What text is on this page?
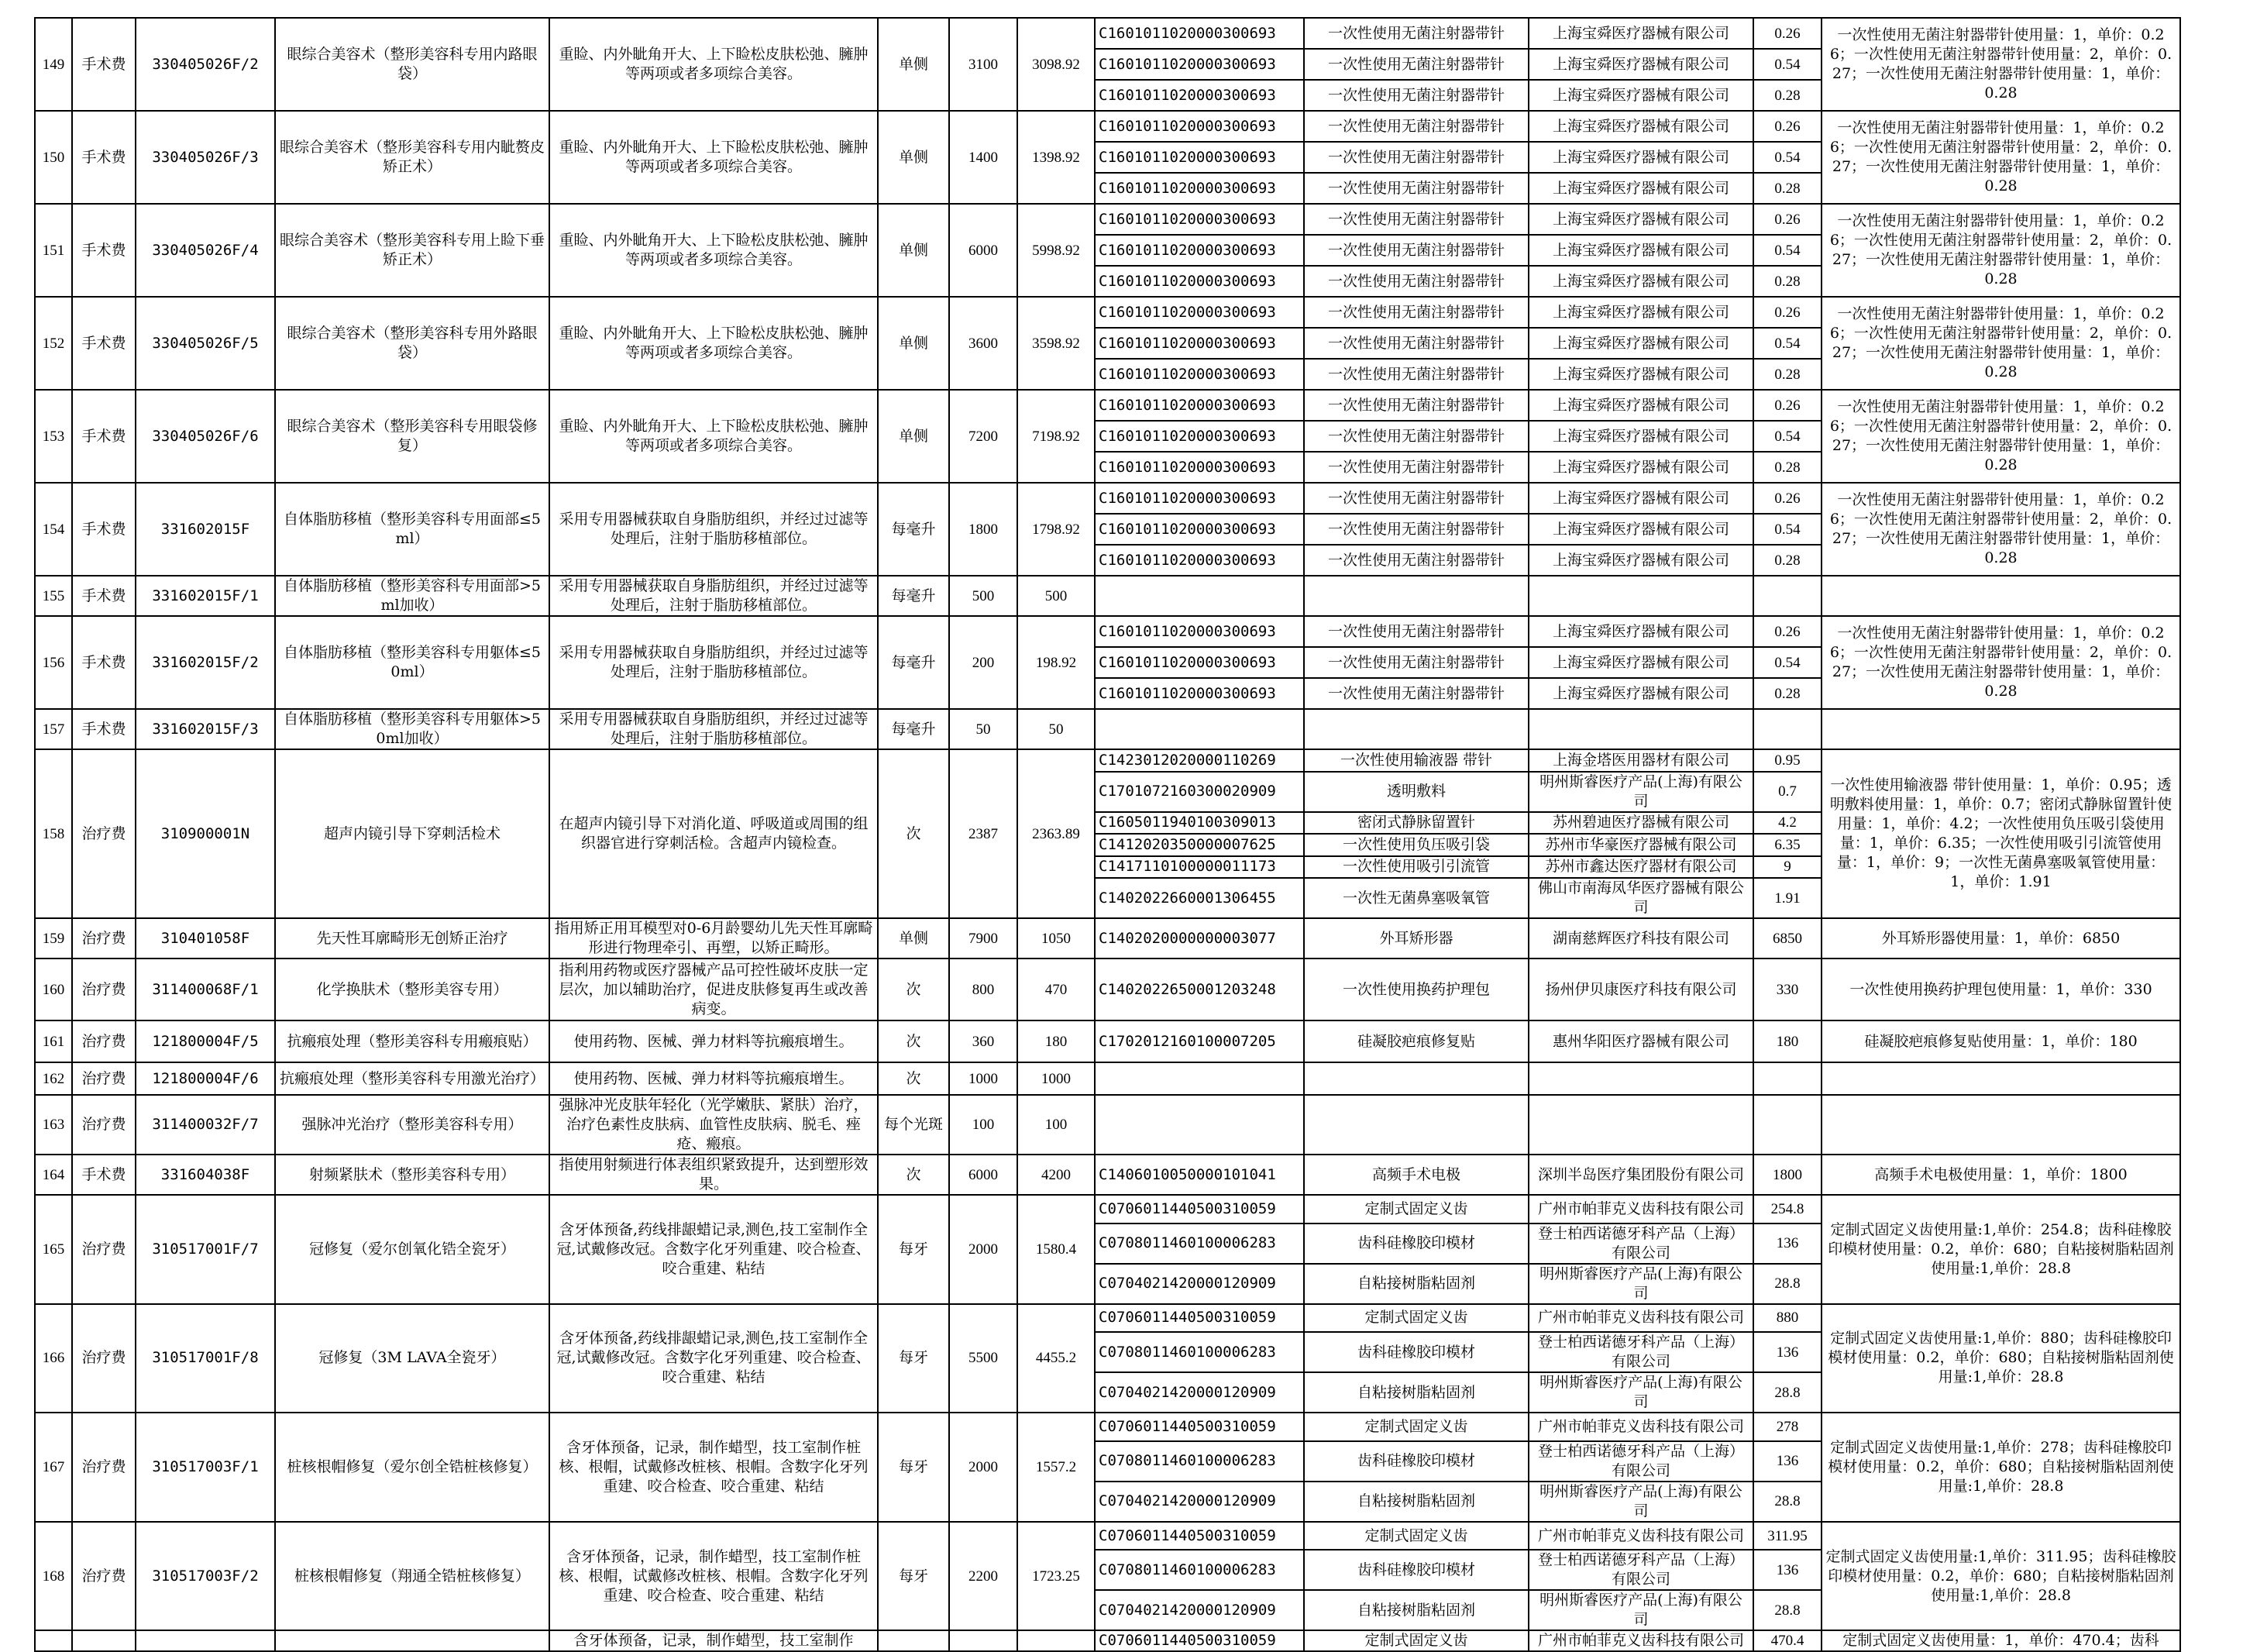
149	手术费	330405026F/2	眼综合美容术（整形美容科专用内路眼袋）	重睑、内外眦角开大、上下睑松皮肤松弛、臃肿等两项或者多项综合美容。	单侧	3100	3098.92	C1601011020000300693	一次性使用无菌注射器带针	上海宝舜医疗器械有限公司	0.26	一次性使用无菌注射器带针使用量：1，单价：0.26；一次性使用无菌注射器带针使用量：2，单价：0.27；一次性使用无菌注射器带针使用量：1，单价：0.28
								C1601011020000300693	一次性使用无菌注射器带针	上海宝舜医疗器械有限公司	0.54	
								C1601011020000300693	一次性使用无菌注射器带针	上海宝舜医疗器械有限公司	0.28	
150	手术费	330405026F/3	眼综合美容术（整形美容科专用内眦赘皮矫正术）	重睑、内外眦角开大、上下睑松皮肤松弛、臃肿等两项或者多项综合美容。	单侧	1400	1398.92	C1601011020000300693	一次性使用无菌注射器带针	上海宝舜医疗器械有限公司	0.26	一次性使用无菌注射器带针使用量：1，单价：0.26；一次性使用无菌注射器带针使用量：2，单价：0.27；一次性使用无菌注射器带针使用量：1，单价：0.28
								C1601011020000300693	一次性使用无菌注射器带针	上海宝舜医疗器械有限公司	0.54	
								C1601011020000300693	一次性使用无菌注射器带针	上海宝舜医疗器械有限公司	0.28	
151	手术费	330405026F/4	眼综合美容术（整形美容科专用上睑下垂矫正术）	重睑、内外眦角开大、上下睑松皮肤松弛、臃肿等两项或者多项综合美容。	单侧	6000	5998.92	C1601011020000300693	一次性使用无菌注射器带针	上海宝舜医疗器械有限公司	0.26	一次性使用无菌注射器带针使用量：1，单价：0.26；一次性使用无菌注射器带针使用量：2，单价：0.27；一次性使用无菌注射器带针使用量：1，单价：0.28
								C1601011020000300693	一次性使用无菌注射器带针	上海宝舜医疗器械有限公司	0.54	
								C1601011020000300693	一次性使用无菌注射器带针	上海宝舜医疗器械有限公司	0.28	
152	手术费	330405026F/5	眼综合美容术（整形美容科专用外路眼袋）	重睑、内外眦角开大、上下睑松皮肤松弛、臃肿等两项或者多项综合美容。	单侧	3600	3598.92	C1601011020000300693	一次性使用无菌注射器带针	上海宝舜医疗器械有限公司	0.26	一次性使用无菌注射器带针使用量：1，单价：0.26；一次性使用无菌注射器带针使用量：2，单价：0.27；一次性使用无菌注射器带针使用量：1，单价：0.28
								C1601011020000300693	一次性使用无菌注射器带针	上海宝舜医疗器械有限公司	0.54	
								C1601011020000300693	一次性使用无菌注射器带针	上海宝舜医疗器械有限公司	0.28	
153	手术费	330405026F/6	眼综合美容术（整形美容科专用眼袋修复）	重睑、内外眦角开大、上下睑松皮肤松弛、臃肿等两项或者多项综合美容。	单侧	7200	7198.92	C1601011020000300693	一次性使用无菌注射器带针	上海宝舜医疗器械有限公司	0.26	一次性使用无菌注射器带针使用量：1，单价：0.26；一次性使用无菌注射器带针使用量：2，单价：0.27；一次性使用无菌注射器带针使用量：1，单价：0.28
								C1601011020000300693	一次性使用无菌注射器带针	上海宝舜医疗器械有限公司	0.54	
								C1601011020000300693	一次性使用无菌注射器带针	上海宝舜医疗器械有限公司	0.28	
154	手术费	331602015F	自体脂肪移植（整形美容科专用面部≤5ml）	采用专用器械获取自身脂肪组织，并经过过滤等处理后，注射于脂肪移植部位。	每毫升	1800	1798.92	C1601011020000300693	一次性使用无菌注射器带针	上海宝舜医疗器械有限公司	0.26	一次性使用无菌注射器带针使用量：1，单价：0.26；一次性使用无菌注射器带针使用量：2，单价：0.27；一次性使用无菌注射器带针使用量：1，单价：0.28
								C1601011020000300693	一次性使用无菌注射器带针	上海宝舜医疗器械有限公司	0.54	
								C1601011020000300693	一次性使用无菌注射器带针	上海宝舜医疗器械有限公司	0.28	
155	手术费	331602015F/1	自体脂肪移植（整形美容科专用面部>5ml加收）	采用专用器械获取自身脂肪组织，并经过过滤等处理后，注射于脂肪移植部位。	每毫升	500	500					
156	手术费	331602015F/2	自体脂肪移植（整形美容科专用躯体≤50ml）	采用专用器械获取自身脂肪组织，并经过过滤等处理后，注射于脂肪移植部位。	每毫升	200	198.92	C1601011020000300693	一次性使用无菌注射器带针	上海宝舜医疗器械有限公司	0.26	一次性使用无菌注射器带针使用量：1，单价：0.26；一次性使用无菌注射器带针使用量：2，单价：0.27；一次性使用无菌注射器带针使用量：1，单价：0.28
								C1601011020000300693	一次性使用无菌注射器带针	上海宝舜医疗器械有限公司	0.54	
								C1601011020000300693	一次性使用无菌注射器带针	上海宝舜医疗器械有限公司	0.28	
157	手术费	331602015F/3	自体脂肪移植（整形美容科专用躯体>50ml加收）	采用专用器械获取自身脂肪组织，并经过过滤等处理后，注射于脂肪移植部位。	每毫升	50	50					
158	治疗费	310900001N	超声内镜引导下穿刺活检术	在超声内镜引导下对消化道、呼吸道或周围的组织器官进行穿刺活检。含超声内镜检查。	次	2387	2363.89	C1423012020000110269	一次性使用输液器 带针	上海金塔医用器材有限公司	0.95	一次性使用输液器 带针使用量：1，单价：0.95；透明敷料使用量：1，单价：0.7；密闭式静脉留置针使用量：1，单价：4.2；一次性使用负压吸引袋使用量：1，单价：6.35；一次性使用吸引引流管使用量：1，单价：9；一次性无菌鼻塞吸氧管使用量：1，单价：1.91
								C1701072160300020909	透明敷料	明州斯睿医疗产品(上海)有限公司	0.7	
								C1605011940100309013	密闭式静脉留置针	苏州碧迪医疗器械有限公司	4.2	
								C1412020350000007625	一次性使用负压吸引袋	苏州市华豪医疗器械有限公司	6.35	
								C1417110100000011173	一次性使用吸引引流管	苏州市鑫达医疗器材有限公司	9	
								C1402022660001306455	一次性无菌鼻塞吸氧管	佛山市南海凤华医疗器械有限公司	1.91	
159	治疗费	310401058F	先天性耳廓畸形无创矫正治疗	指用矫正用耳模型对0-6月龄婴幼儿先天性耳廓畸形进行物理牵引、再塑，以矫正畸形。	单侧	7900	1050	C1402020000000003077	外耳矫形器	湖南慈辉医疗科技有限公司	6850	外耳矫形器使用量：1，单价：6850
160	治疗费	311400068F/1	化学换肤术（整形美容专用）	指利用药物或医疗器械产品可控性破坏皮肤一定层次，加以辅助治疗，促进皮肤修复再生或改善病变。	次	800	470	C1402022650001203248	一次性使用换药护理包	扬州伊贝康医疗科技有限公司	330	一次性使用换药护理包使用量：1，单价：330
161	治疗费	121800004F/5	抗瘢痕处理（整形美容科专用瘢痕贴）	使用药物、医械、弹力材料等抗瘢痕增生。	次	360	180	C1702012160100007205	硅凝胶疤痕修复贴	惠州华阳医疗器械有限公司	180	硅凝胶疤痕修复贴使用量：1，单价：180
162	治疗费	121800004F/6	抗瘢痕处理（整形美容科专用激光治疗）	使用药物、医械、弹力材料等抗瘢痕增生。	次	1000	1000					
163	治疗费	311400032F/7	强脉冲光治疗（整形美容科专用）	强脉冲光皮肤年轻化（光学嫩肤、紧肤）治疗，治疗色素性皮肤病、血管性皮肤病、脱毛、痤疮、瘢痕。	每个光斑	100	100					
164	手术费	331604038F	射频紧肤术（整形美容科专用）	指使用射频进行体表组织紧致提升，达到塑形效果。	次	6000	4200	C1406010050000101041	高频手术电极	深圳半岛医疗集团股份有限公司	1800	高频手术电极使用量：1，单价：1800
165	治疗费	310517001F/7	冠修复（爱尔创氧化锆全瓷牙）	含牙体预备,药线排龈蜡记录,测色,技工室制作全冠,试戴修改冠。含数字化牙列重建、咬合检查、咬合重建、粘结	每牙	2000	1580.4	C0706011440500310059	定制式固定义齿	广州市帕菲克义齿科技有限公司	254.8	定制式固定义齿使用量:1,单价：254.8；齿科硅橡胶印模材使用量：0.2，单价：680；自粘接树脂粘固剂使用量:1,单价：28.8
								C0708011460100006283	齿科硅橡胶印模材	登士柏西诺德牙科产品（上海）有限公司	136	
								C0704021420000120909	自粘接树脂粘固剂	明州斯睿医疗产品(上海)有限公司	28.8	
166	治疗费	310517001F/8	冠修复（3M LAVA全瓷牙）	含牙体预备,药线排龈蜡记录,测色,技工室制作全冠,试戴修改冠。含数字化牙列重建、咬合检查、咬合重建、粘结	每牙	5500	4455.2	C0706011440500310059	定制式固定义齿	广州市帕菲克义齿科技有限公司	880	定制式固定义齿使用量:1,单价：880；齿科硅橡胶印模材使用量：0.2，单价：680；自粘接树脂粘固剂使用量:1,单价：28.8
								C0708011460100006283	齿科硅橡胶印模材	登士柏西诺德牙科产品（上海）有限公司	136	
								C0704021420000120909	自粘接树脂粘固剂	明州斯睿医疗产品(上海)有限公司	28.8	
167	治疗费	310517003F/1	桩核根帽修复（爱尔创全锆桩核修复）	含牙体预备，记录，制作蜡型，技工室制作桩核、根帽，试戴修改桩核、根帽。含数字化牙列重建、咬合检查、咬合重建、粘结	每牙	2000	1557.2	C0706011440500310059	定制式固定义齿	广州市帕菲克义齿科技有限公司	278	定制式固定义齿使用量:1,单价：278；齿科硅橡胶印模材使用量：0.2，单价：680；自粘接树脂粘固剂使用量:1,单价：28.8
								C0708011460100006283	齿科硅橡胶印模材	登士柏西诺德牙科产品（上海）有限公司	136	
								C0704021420000120909	自粘接树脂粘固剂	明州斯睿医疗产品(上海)有限公司	28.8	
168	治疗费	310517003F/2	桩核根帽修复（翔通全锆桩核修复）	含牙体预备，记录，制作蜡型，技工室制作桩核、根帽，试戴修改桩核、根帽。含数字化牙列重建、咬合检查、咬合重建、粘结	每牙	2200	1723.25	C0706011440500310059	定制式固定义齿	广州市帕菲克义齿科技有限公司	311.95	定制式固定义齿使用量:1,单价：311.95；齿科硅橡胶印模材使用量：0.2，单价：680；自粘接树脂粘固剂使用量:1,单价：28.8
								C0708011460100006283	齿科硅橡胶印模材	登士柏西诺德牙科产品（上海）有限公司	136	
								C0704021420000120909	自粘接树脂粘固剂	明州斯睿医疗产品(上海)有限公司	28.8	
				含牙体预备，记录，制作蜡型，技工室制作				C0706011440500310059	定制式固定义齿	广州市帕菲克义齿科技有限公司	470.4	定制式固定义齿使用量：1，单价：470.4；齿科
